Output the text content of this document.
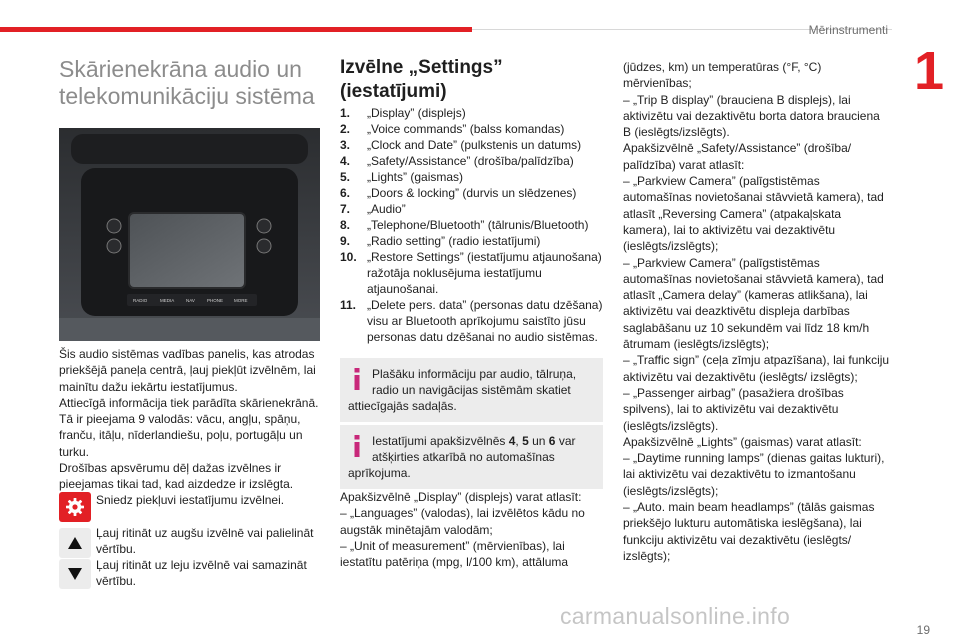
Mērinstrumenti
1
Skārienekrāna audio un telekomunikāciju sistēma
RADIO	MEDIA	NAV	PHONE MORE

Šis audio sistēmas vadības panelis, kas atrodas priekšējā paneļa centrā, ļauj piekļūt izvēlnēm, lai mainītu dažu iekārtu iestatījumus.

Attiecīgā informācija tiek parādīta skārienekrānā.

Tā ir pieejama 9 valodās: vācu, angļu, spāņu, franču, itāļu, nīderlandiešu, poļu, portugāļu un turku.

Drošības apsvērumu dēļ dažas izvēlnes ir pieejamas tikai tad, kad aizdedze ir izslēgta.

Sniedz piekļuvi iestatījumu izvēlnei.
Ļauj ritināt uz augšu izvēlnē vai palielināt vērtību.
Ļauj ritināt uz leju izvēlnē vai samazināt vērtību.
Izvēlne „Settings” (iestatījumi)
1.	„Display” (displejs)
2.	„Voice commands” (balss komandas)
3.	„Clock and Date” (pulkstenis un datums)
4.	„Safety/Assistance” (drošība/palīdzība)
5.	„Lights” (gaismas)
6.	„Doors & locking” (durvis un slēdzenes)
7.	„Audio”
8.	„Telephone/Bluetooth” (tālrunis/Bluetooth)
9.	„Radio setting” (radio iestatījumi)
10. „Restore Settings” (iestatījumu atjaunošana) ražotāja noklusējuma iestatījumu atjaunošanai.
11. „Delete pers. data” (personas datu dzēšana) visu ar Bluetooth aprīkojumu saistīto jūsu personas datu dzēšanai no audio sistēmas.
Plašāku informāciju par audio, tālruņa, radio un navigācijas sistēmām skatiet attiecīgajās sadaļās.
Iestatījumi apakšizvēlnēs 4, 5 un 6 var atšķirties atkarībā no automašīnas aprīkojuma.
Apakšizvēlnē „Display” (displejs) varat atlasīt:
– „Languages” (valodas), lai izvēlētos kādu no augstāk minētajām valodām;
– „Unit of measurement” (mērvienības), lai iestatītu patēriņa (mpg, l/100 km), attāluma
(jūdzes, km) un temperatūras (°F, °C) mērvienības;
– „Trip B display” (brauciena B displejs), lai aktivizētu vai dezaktivētu borta datora brauciena B (ieslēgts/izslēgts).
Apakšizvēlnē „Safety/Assistance” (drošība/ palīdzība) varat atlasīt:
– „Parkview Camera” (palīgstistēmas automašīnas novietošanai stāvvietā kamera), tad atlasīt „Reversing Camera” (atpakaļskata kamera), lai to aktivizētu vai dezaktivētu (ieslēgts/izslēgts);
– „Parkview Camera” (palīgstistēmas automašīnas novietošanai stāvvietā kamera), tad atlasīt „Camera delay” (kameras atlikšana), lai aktivizētu vai deazktivētu displeja darbības saglabāšanu uz 10 sekundēm vai līdz 18 km/h ātrumam (ieslēgts/izslēgts);
– „Traffic sign” (ceļa zīmju atpazīšana), lai funkciju aktivizētu vai dezaktivētu (ieslēgts/ izslēgts);
– „Passenger airbag” (pasažiera drošības spilvens), lai to aktivizētu vai dezaktivētu (ieslēgts/izslēgts).
Apakšizvēlnē „Lights” (gaismas) varat atlasīt:
– „Daytime running lamps” (dienas gaitas lukturi), lai aktivizētu vai dezaktivētu to izmantošanu (ieslēgts/izslēgts);
– „Auto. main beam headlamps” (tālās gaismas priekšējo lukturu automātiska ieslēgšana), lai funkciju aktivizētu vai dezaktivētu (ieslēgts/ izslēgts);
carmanualsonline.info
19
